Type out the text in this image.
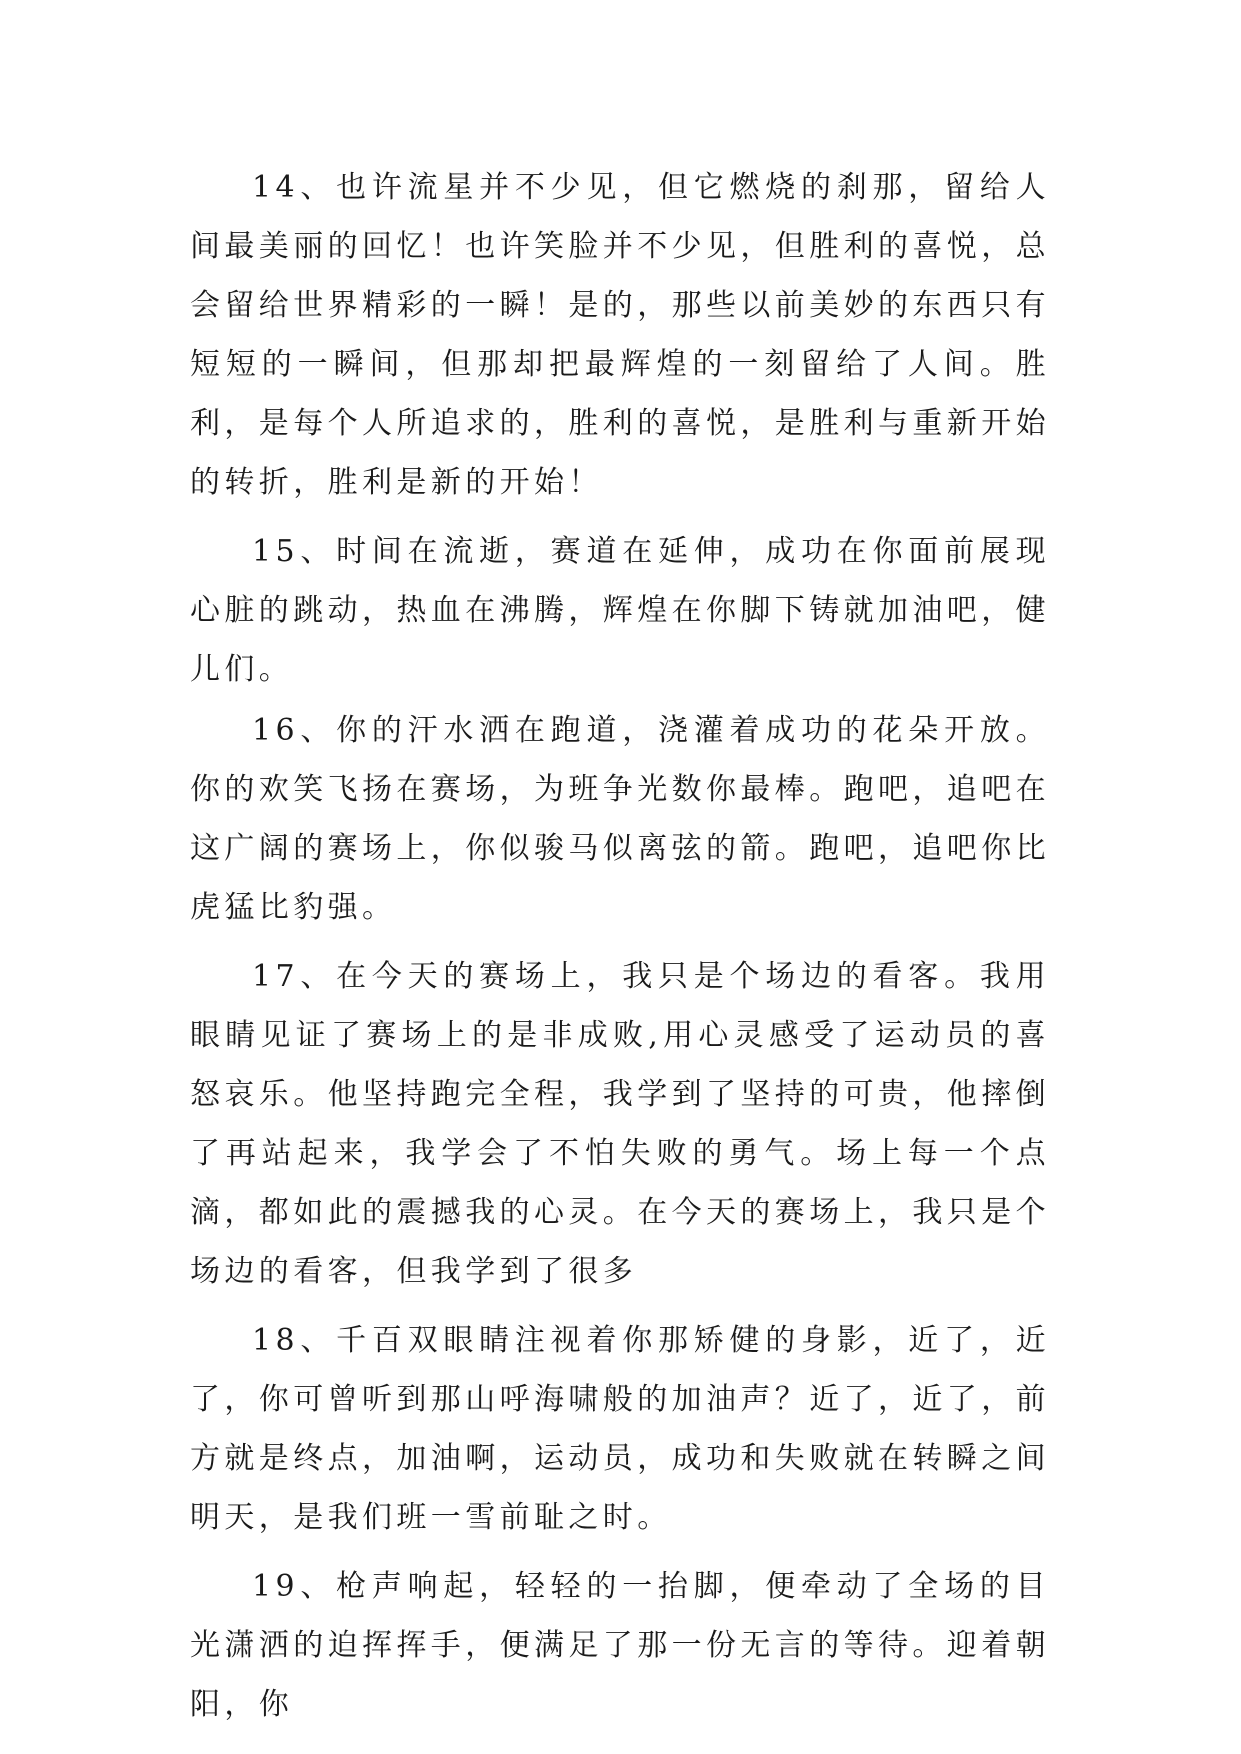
14、也许流星并不少见，但它燃烧的刹那，留给人间最美丽的回忆！也许笑脸并不少见，但胜利的喜悦，总会留给世界精彩的一瞬！是的，那些以前美妙的东西只有短短的一瞬间，但那却把最辉煌的一刻留给了人间。胜利，是每个人所追求的，胜利的喜悦，是胜利与重新开始的转折，胜利是新的开始！

15、时间在流逝，赛道在延伸，成功在你面前展现心脏的跳动，热血在沸腾，辉煌在你脚下铸就加油吧，健儿们。

16、你的汗水洒在跑道，浇灌着成功的花朵开放。你的欢笑飞扬在赛场，为班争光数你最棒。跑吧，追吧在这广阔的赛场上，你似骏马似离弦的箭。跑吧，追吧你比虎猛比豹强。

17、在今天的赛场上，我只是个场边的看客。我用眼睛见证了赛场上的是非成败,用心灵感受了运动员的喜怒哀乐。他坚持跑完全程，我学到了坚持的可贵，他摔倒了再站起来，我学会了不怕失败的勇气。场上每一个点滴，都如此的震撼我的心灵。在今天的赛场上，我只是个场边的看客，但我学到了很多

18、千百双眼睛注视着你那矫健的身影，近了，近了，你可曾听到那山呼海啸般的加油声？近了，近了，前方就是终点，加油啊，运动员，成功和失败就在转瞬之间明天，是我们班一雪前耻之时。

19、枪声响起，轻轻的一抬脚，便牵动了全场的目光潇洒的迫挥挥手，便满足了那一份无言的等待。迎着朝阳，你
